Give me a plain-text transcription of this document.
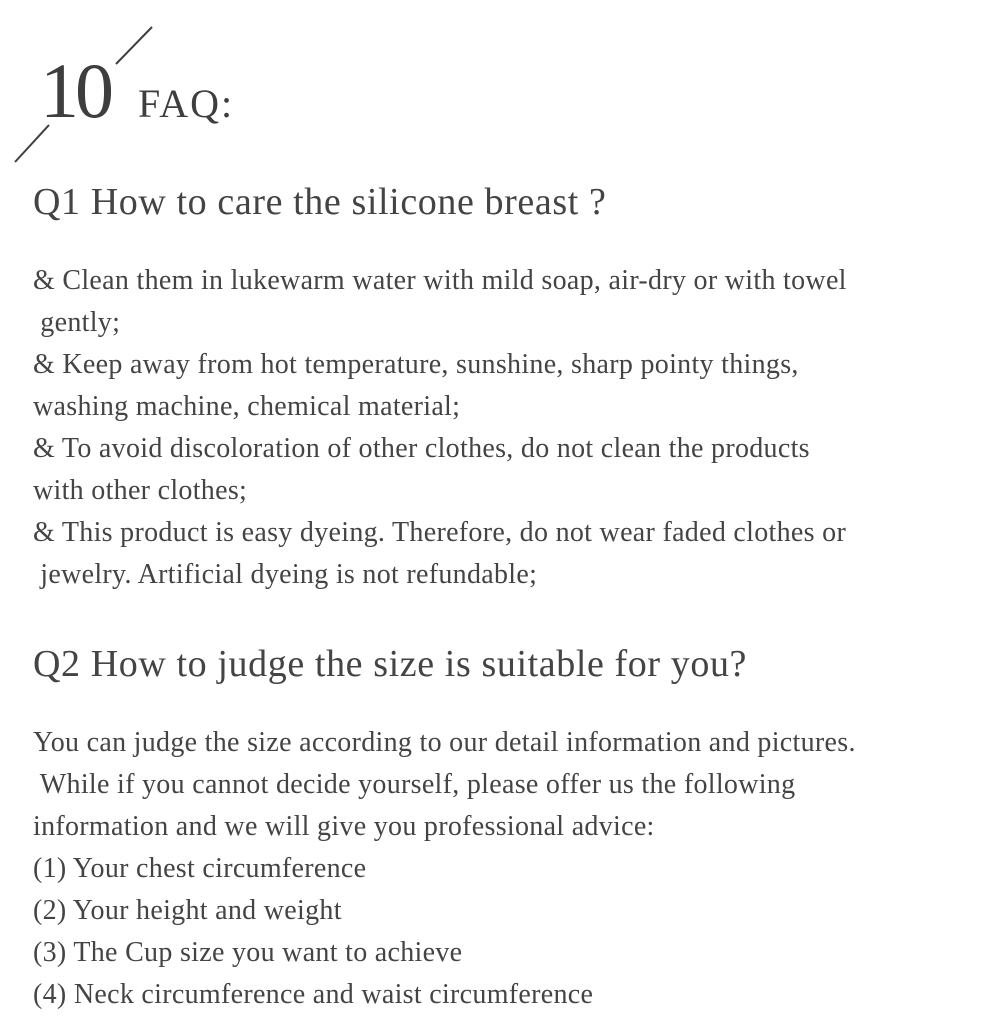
10 FAQ:
Q1 How to care the silicone breast ?
& Clean them in lukewarm water with mild soap, air-dry or with towel
gently;
& Keep away from hot temperature, sunshine, sharp pointy things,
washing machine, chemical material;
& To avoid discoloration of other clothes, do not clean the products
with other clothes;
& This product is easy dyeing. Therefore, do not wear faded clothes or
jewelry. Artificial dyeing is not refundable;
Q2 How to judge the size is suitable for you?
You can judge the size according to our detail information and pictures.
While if you cannot decide yourself, please offer us the following
information and we will give you professional advice:
(1) Your chest circumference
(2) Your height and weight
(3) The Cup size you want to achieve
(4) Neck circumference and waist circumference
